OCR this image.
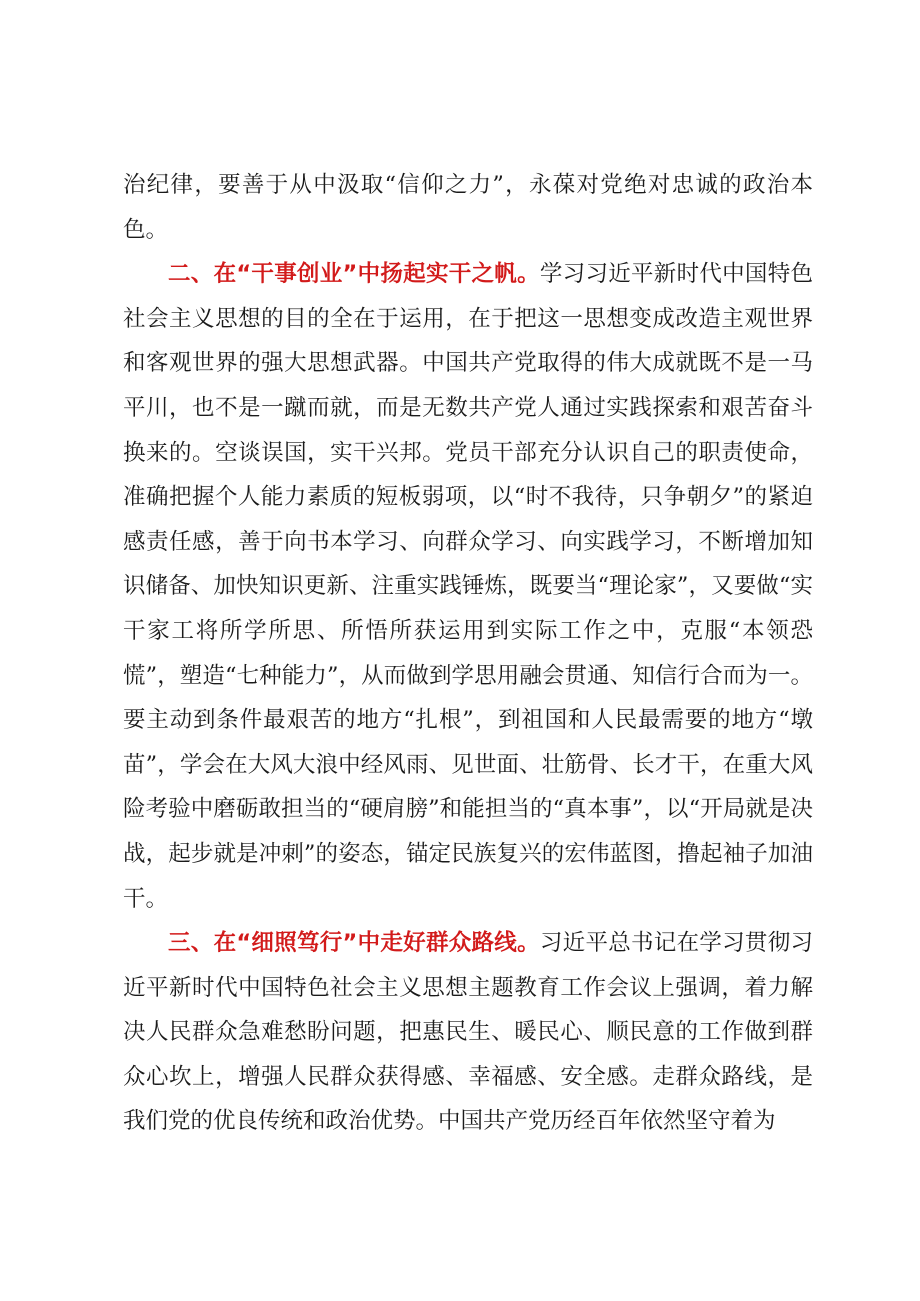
治纪律，要善于从中汲取“信仰之力”，永葆对党绝对忠诚的政治本色。

二、在“干事创业”中扬起实干之帆。学习习近平新时代中国特色社会主义思想的目的全在于运用，在于把这一思想变成改造主观世界和客观世界的强大思想武器。中国共产党取得的伟大成就既不是一马平川，也不是一蹴而就，而是无数共产党人通过实践探索和艰苦奋斗换来的。空谈误国，实干兴邦。党员干部充分认识自己的职责使命，准确把握个人能力素质的短板弱项，以“时不我待，只争朝夕”的紧迫感责任感，善于向书本学习、向群众学习、向实践学习，不断增加知识储备、加快知识更新、注重实践锤炼，既要当“理论家”，又要做“实干家工将所学所思、所悟所获运用到实际工作之中，克服“本领恐慌”，塑造“七种能力”，从而做到学思用融会贯通、知信行合而为一。要主动到条件最艰苦的地方“扎根”，到祖国和人民最需要的地方“墩苗”，学会在大风大浪中经风雨、见世面、壮筋骨、长才干，在重大风险考验中磨砺敢担当的“硬肩膀”和能担当的“真本事”，以“开局就是决战，起步就是冲刺”的姿态，锚定民族复兴的宏伟蓝图，撸起袖子加油干。

三、在“细照笃行”中走好群众路线。习近平总书记在学习贯彻习近平新时代中国特色社会主义思想主题教育工作会议上强调，着力解决人民群众急难愁盼问题，把惠民生、暖民心、顺民意的工作做到群众心坎上，增强人民群众获得感、幸福感、安全感。走群众路线，是我们党的优良传统和政治优势。中国共产党历经百年依然坚守着为
